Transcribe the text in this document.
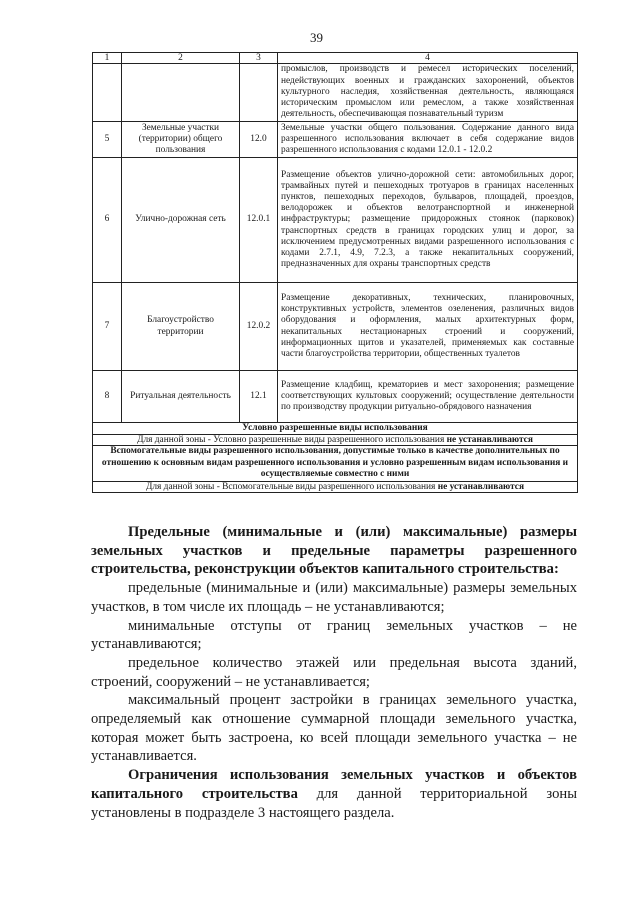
39
1	2	3	4
			промыслов, производств и ремесел исторических поселений, недействующих военных и гражданских захоронений, объектов культурного наследия, хозяйственная деятельность, являющаяся историческим промыслом или ремеслом, а также хозяйственная деятельность, обеспечивающая познавательный туризм
5	Земельные участки (территории) общего пользования	12.0	Земельные участки общего пользования. Содержание данного вида разрешенного использования включает в себя содержание видов разрешенного использования с кодами 12.0.1 - 12.0.2
6	Улично-дорожная сеть	12.0.1	Размещение объектов улично-дорожной сети: автомобильных дорог, трамвайных путей и пешеходных тротуаров в границах населенных пунктов, пешеходных переходов, бульваров, площадей, проездов, велодорожек и объектов велотранспортной и инженерной инфраструктуры; размещение придорожных стоянок (парковок) транспортных средств в границах городских улиц и дорог, за исключением предусмотренных видами разрешенного использования с кодами 2.7.1, 4.9, 7.2.3, а также некапитальных сооружений, предназначенных для охраны транспортных средств
7	Благоустройство территории	12.0.2	Размещение декоративных, технических, планировочных, конструктивных устройств, элементов озеленения, различных видов оборудования и оформления, малых архитектурных форм, некапитальных нестационарных строений и сооружений, информационных щитов и указателей, применяемых как составные части благоустройства территории, общественных туалетов
8	Ритуальная деятельность	12.1	Размещение кладбищ, крематориев и мест захоронения; размещение соответствующих культовых сооружений; осуществление деятельности по производству продукции ритуально-обрядового назначения
Условно разрешенные виды использования			
Для данной зоны - Условно разрешенные виды разрешенного использования не устанавливаются			
Вспомогательные виды разрешенного использования, допустимые только в качестве дополнительных по отношению к основным видам разрешенного использования и условно разрешенным видам использования и осуществляемые совместно с ними			
Для данной зоны - Вспомогательные виды разрешенного использования не устанавливаются			

Предельные (минимальные и (или) максимальные) размеры земельных участков и предельные параметры разрешенного строительства, реконструкции объектов капитального строительства:

предельные (минимальные и (или) максимальные) размеры земельных участков, в том числе их площадь – не устанавливаются;

минимальные отступы от границ земельных участков – не устанавливаются;

предельное количество этажей или предельная высота зданий, строений, сооружений – не устанавливается;

максимальный процент застройки в границах земельного участка, определяемый как отношение суммарной площади земельного участка, которая может быть застроена, ко всей площади земельного участка – не устанавливается.

Ограничения использования земельных участков и объектов капитального строительства для данной территориальной зоны установлены в подразделе 3 настоящего раздела.
